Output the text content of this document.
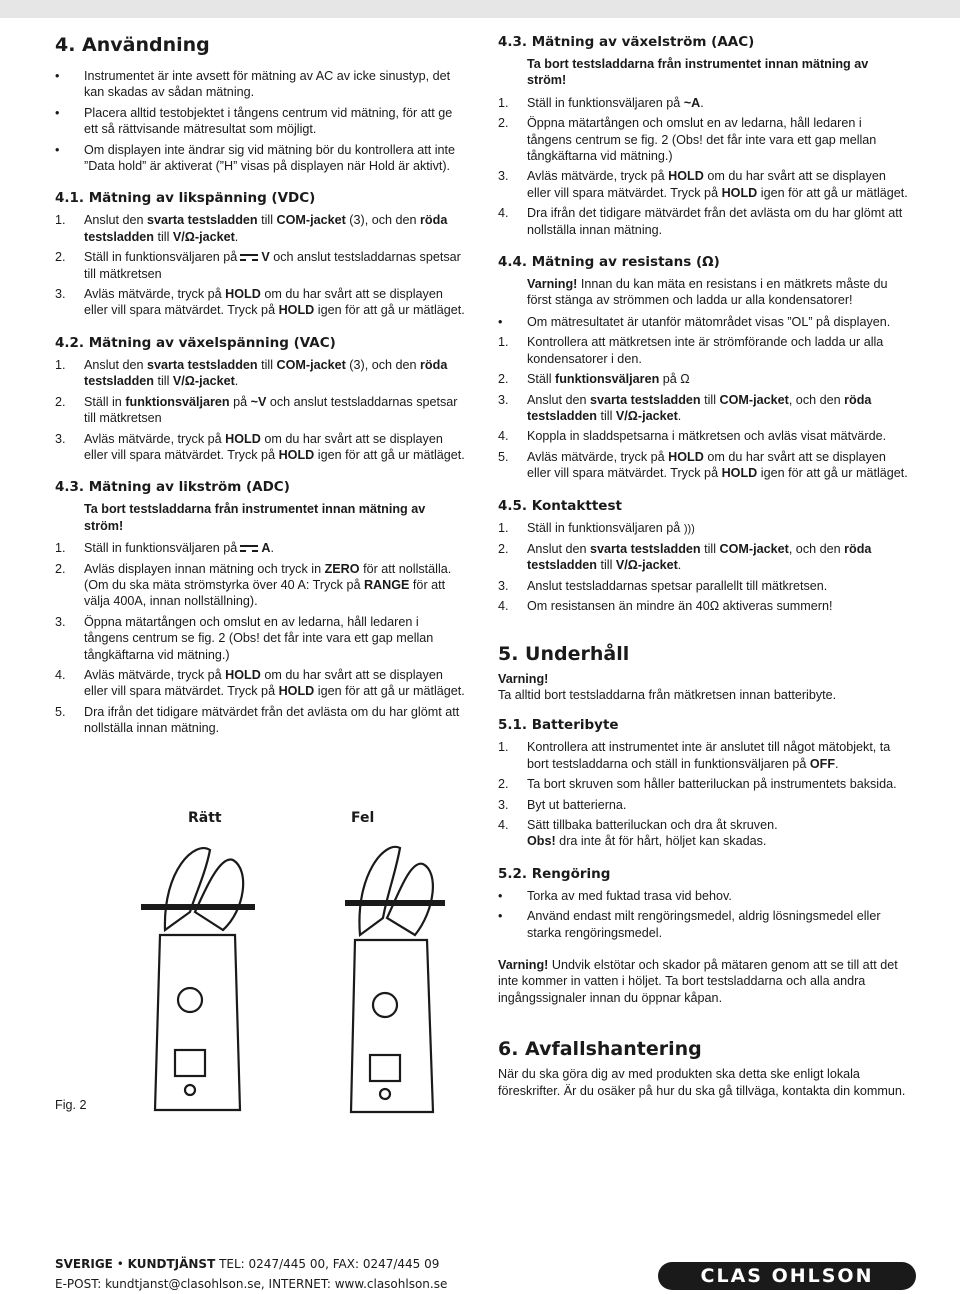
4. Användning
•	Instrumentet är inte avsett för mätning av AC av icke sinustyp, det kan skadas av sådan mätning.
•	Placera alltid testobjektet i tångens centrum vid mätning, för att ge ett så rättvisande mätresultat som möjligt.
•	Om displayen inte ändrar sig vid mätning bör du kontrollera att inte ”Data hold” är aktiverat (”H” visas på displayen när Hold är aktivt).
4.1. Mätning av likspänning (VDC)
1.	Anslut den svarta testsladden till COM-jacket (3), och den röda testsladden till V/Ω-jacket.
2.	Ställ in funktionsväljaren på V och anslut testsladdarnas spetsar till mätkretsen
3.	Avläs mätvärde, tryck på HOLD om du har svårt att se displayen eller vill spara mätvärdet. Tryck på HOLD igen för att gå ur mätläget.
4.2. Mätning av växelspänning (VAC)
1.	Anslut den svarta testsladden till COM-jacket (3), och den röda testsladden till V/Ω-jacket.
2.	Ställ in funktionsväljaren på ~V och anslut testsladdarnas spetsar till mätkretsen
3.	Avläs mätvärde, tryck på HOLD om du har svårt att se displayen eller vill spara mätvärdet. Tryck på HOLD igen för att gå ur mätläget.
4.3. Mätning av likström (ADC)
Ta bort testsladdarna från instrumentet innan mätning av ström!
1.	Ställ in funktionsväljaren på A.
2.	Avläs displayen innan mätning och tryck in ZERO för att nollställa. (Om du ska mäta strömstyrka över 40 A: Tryck på RANGE för att välja 400A, innan nollställning).
3.	Öppna mätartången och omslut en av ledarna, håll ledaren i tångens centrum se fig. 2 (Obs! det får inte vara ett gap mellan tångkäftarna vid mätning.)
4.	Avläs mätvärde, tryck på HOLD om du har svårt att se displayen eller vill spara mätvärdet. Tryck på HOLD igen för att gå ur mätläget.
5.	Dra ifrån det tidigare mätvärdet från det avlästa om du har glömt att nollställa innan mätning.
Rätt	Fel
Fig. 2
4.3. Mätning av växelström (AAC)
Ta bort testsladdarna från instrumentet innan mätning av ström!
1.	Ställ in funktionsväljaren på ~A.
2.	Öppna mätartången och omslut en av ledarna, håll ledaren i tångens centrum se fig. 2 (Obs! det får inte vara ett gap mellan tångkäftarna vid mätning.)
3.	Avläs mätvärde, tryck på HOLD om du har svårt att se displayen eller vill spara mätvärdet. Tryck på HOLD igen för att gå ur mätläget.
4.	Dra ifrån det tidigare mätvärdet från det avlästa om du har glömt att nollställa innan mätning.
4.4. Mätning av resistans (Ω)
Varning! Innan du kan mäta en resistans i en mätkrets måste du först stänga av strömmen och ladda ur alla kondensatorer!
•	Om mätresultatet är utanför mätområdet visas ”OL” på displayen.
1.	Kontrollera att mätkretsen inte är strömförande och ladda ur alla kondensatorer i den.
2.	Ställ funktionsväljaren på Ω
3.	Anslut den svarta testsladden till COM-jacket, och den röda testsladden till V/Ω-jacket.
4.	Koppla in sladdspetsarna i mätkretsen och avläs visat mätvärde.
5.	Avläs mätvärde, tryck på HOLD om du har svårt att se displayen eller vill spara mätvärdet. Tryck på HOLD igen för att gå ur mätläget.
4.5. Kontakttest
1.	Ställ in funktionsväljaren på )))
2.	Anslut den svarta testsladden till COM-jacket, och den röda testsladden till V/Ω-jacket.
3.	Anslut testsladdarnas spetsar parallellt till mätkretsen.
4.	Om resistansen än mindre än 40Ω aktiveras summern!
5. Underhåll
Varning!
Ta alltid bort testsladdarna från mätkretsen innan batteribyte.
5.1. Batteribyte
1.	Kontrollera att instrumentet inte är anslutet till något mätobjekt, ta bort testsladdarna och ställ in funktionsväljaren på OFF.
2.	Ta bort skruven som håller batteriluckan på instrumentets baksida.
3.	Byt ut batterierna.
4.	Sätt tillbaka batteriluckan och dra åt skruven.
Obs! dra inte åt för hårt, höljet kan skadas.
5.2. Rengöring
•	Torka av med fuktad trasa vid behov.
•	Använd endast milt rengöringsmedel, aldrig lösningsmedel eller starka rengöringsmedel.
Varning! Undvik elstötar och skador på mätaren genom att se till att det inte kommer in vatten i höljet. Ta bort testsladdarna och alla andra ingångssignaler innan du öppnar kåpan.
6. Avfallshantering
När du ska göra dig av med produkten ska detta ske enligt lokala föreskrifter. Är du osäker på hur du ska gå tillväga, kontakta din kommun.
SVERIGE • KUNDTJÄNST TEL: 0247/445 00, FAX: 0247/445 09
E-POST: kundtjanst@clasohlson.se, INTERNET: www.clasohlson.se	CLAS OHLSON
